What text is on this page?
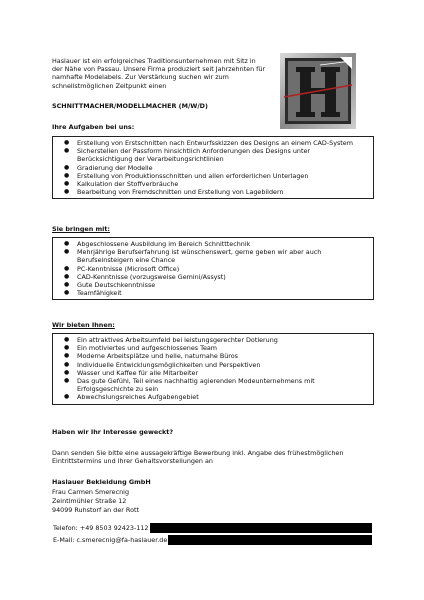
Haslauer ist ein erfolgreiches Traditionsunternehmen mit Sitz in

der Nähe von Passau. Unsere Firma produziert seit Jahrzehnten für

namhafte Modelabels. Zur Verstärkung suchen wir zum

schnellstmöglichen Zeitpunkt einen

SCHNITTMACHER/MODELLMACHER (M/W/D)

Ihre Aufgaben bei uns:

● Erstellung von Erstschnitten nach Entwurfsskizzen des Designs an einem CAD-System
● Sicherstellen der Passform hinsichtlich Anforderungen des Designs unter
Berücksichtigung der Verarbeitungsrichtlinien
● Gradierung der Modelle
● Erstellung von Produktionsschnitten und allen erforderlichen Unterlagen
● Kalkulation der Stoffverbräuche
● Bearbeitung von Fremdschnitten und Erstellung von Lagebildern

Sie bringen mit:

● Abgeschlossene Ausbildung im Bereich Schnitttechnik
● Mehrjährige Berufserfahrung ist wünschenswert, gerne geben wir aber auch
Berufseinsteigern eine Chance
● PC-Kenntnisse (Microsoft Office)
● CAD-Kenntnisse (vorzugsweise Gemini/Assyst)
● Gute Deutschkenntnisse
● Teamfähigkeit

Wir bieten Ihnen:

● Ein attraktives Arbeitsumfeld bei leistungsgerechter Dotierung
● Ein motiviertes und aufgeschlossenes Team
● Moderne Arbeitsplätze und helle, naturnahe Büros
● Individuelle Entwicklungsmöglichkeiten und Perspektiven
● Wasser und Kaffee für alle Mitarbeiter
● Das gute Gefühl, Teil eines nachhaltig agierenden Modeunternehmens mit
Erfolgsgeschichte zu sein
● Abwechslungsreiches Aufgabengebiet

Haben wir Ihr Interesse geweckt?

Dann senden Sie bitte eine aussagekräftige Bewerbung inkl. Angabe des frühestmöglichen

Eintrittstermins und Ihrer Gehaltsvorstellungen an

Haslauer Bekleidung GmbH

Frau Carmen Smerecnig

Zeintlmühler Straße 12

94099 Ruhstorf an der Rott

Telefon: +49 8503 92423-112
E-Mail: c.smerecnig@fa-haslauer.de
